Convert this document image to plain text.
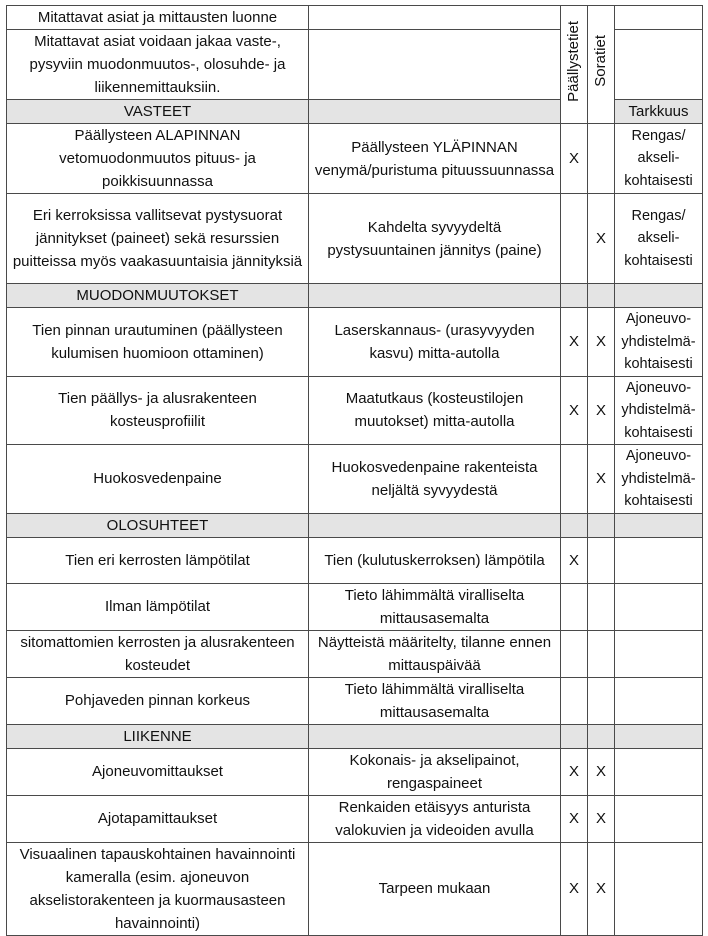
Mitattavat asiat ja mittausten luonne		Päällystetiet	Soratiet	
Mitattavat asiat voidaan jakaa vaste-, pysyviin muodonmuutos-, olosuhde- ja liikennemittauksiin.				
VASTEET				Tarkkuus
Päällysteen ALAPINNAN vetomuodonmuutos pituus- ja poikkisuunnassa	Päällysteen YLÄPINNAN venymä/puristuma pituussuunnassa	X		Rengas/ akseli- kohtaisesti
Eri kerroksissa vallitsevat pystysuorat jännitykset (paineet) sekä resurssien puitteissa myös vaakasuuntaisia jännityksiä	Kahdelta syvyydeltä pystysuuntainen jännitys (paine)		X	Rengas/ akseli- kohtaisesti
MUODONMUUTOKSET				
Tien pinnan urautuminen (päällysteen kulumisen huomioon ottaminen)	Laserskannaus- (urasyvyyden kasvu) mitta-autolla	X	X	Ajoneuvo- yhdistelmä- kohtaisesti
Tien päällys- ja alusrakenteen kosteusprofiilit	Maatutkaus (kosteustilojen muutokset) mitta-autolla	X	X	Ajoneuvo- yhdistelmä- kohtaisesti
Huokosvedenpaine	Huokosvedenpaine rakenteista neljältä syvyydestä		X	Ajoneuvo- yhdistelmä- kohtaisesti
OLOSUHTEET				
Tien eri kerrosten lämpötilat	Tien (kulutuskerroksen) lämpötila	X		
Ilman lämpötilat	Tieto lähimmältä viralliselta mittausasemalta			
sitomattomien kerrosten ja alusrakenteen kosteudet	Näytteistä määritelty, tilanne ennen mittauspäivää			
Pohjaveden pinnan korkeus	Tieto lähimmältä viralliselta mittausasemalta			
LIIKENNE				
Ajoneuvomittaukset	Kokonais- ja akselipainot, rengaspaineet	X	X	
Ajotapamittaukset	Renkaiden etäisyys anturista valokuvien ja videoiden avulla	X	X	
Visuaalinen tapauskohtainen havainnointi kameralla (esim. ajoneuvon akselistorakenteen ja kuormausasteen havainnointi)	Tarpeen mukaan	X	X	
